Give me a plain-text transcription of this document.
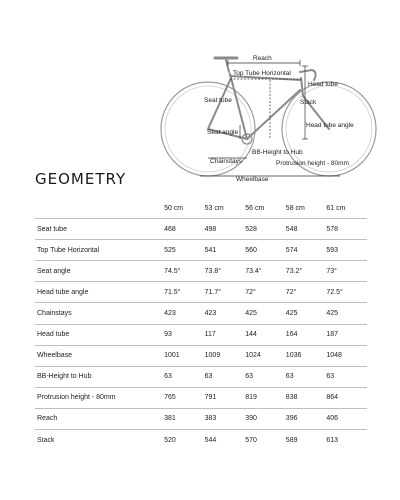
Reach
Top Tube Horizontal
Head tube
Stack
Seat tube
Head tube angle
Seat angle
BB-Height to Hub
Chainstays	Protrusion height - 80mm
Wheelbase
GEOMETRY
	50 cm	53 cm	56 cm	58 cm	61 cm
Seat tube	468	498	528	548	578
Top Tube Horizontal	525	541	560	574	593
Seat angle	74.5°	73.8°	73.4°	73.2°	73°
Head tube angle	71.5°	71.7°	72°	72°	72.5°
Chainstays	423	423	425	425	425
Head tube	93	117	144	164	187
Wheelbase	1001	1009	1024	1036	1048
BB-Height to Hub	63	63	63	63	63
Protrusion height - 80mm	765	791	819	838	864
Reach	381	383	390	396	406
Stack	520	544	570	589	613
